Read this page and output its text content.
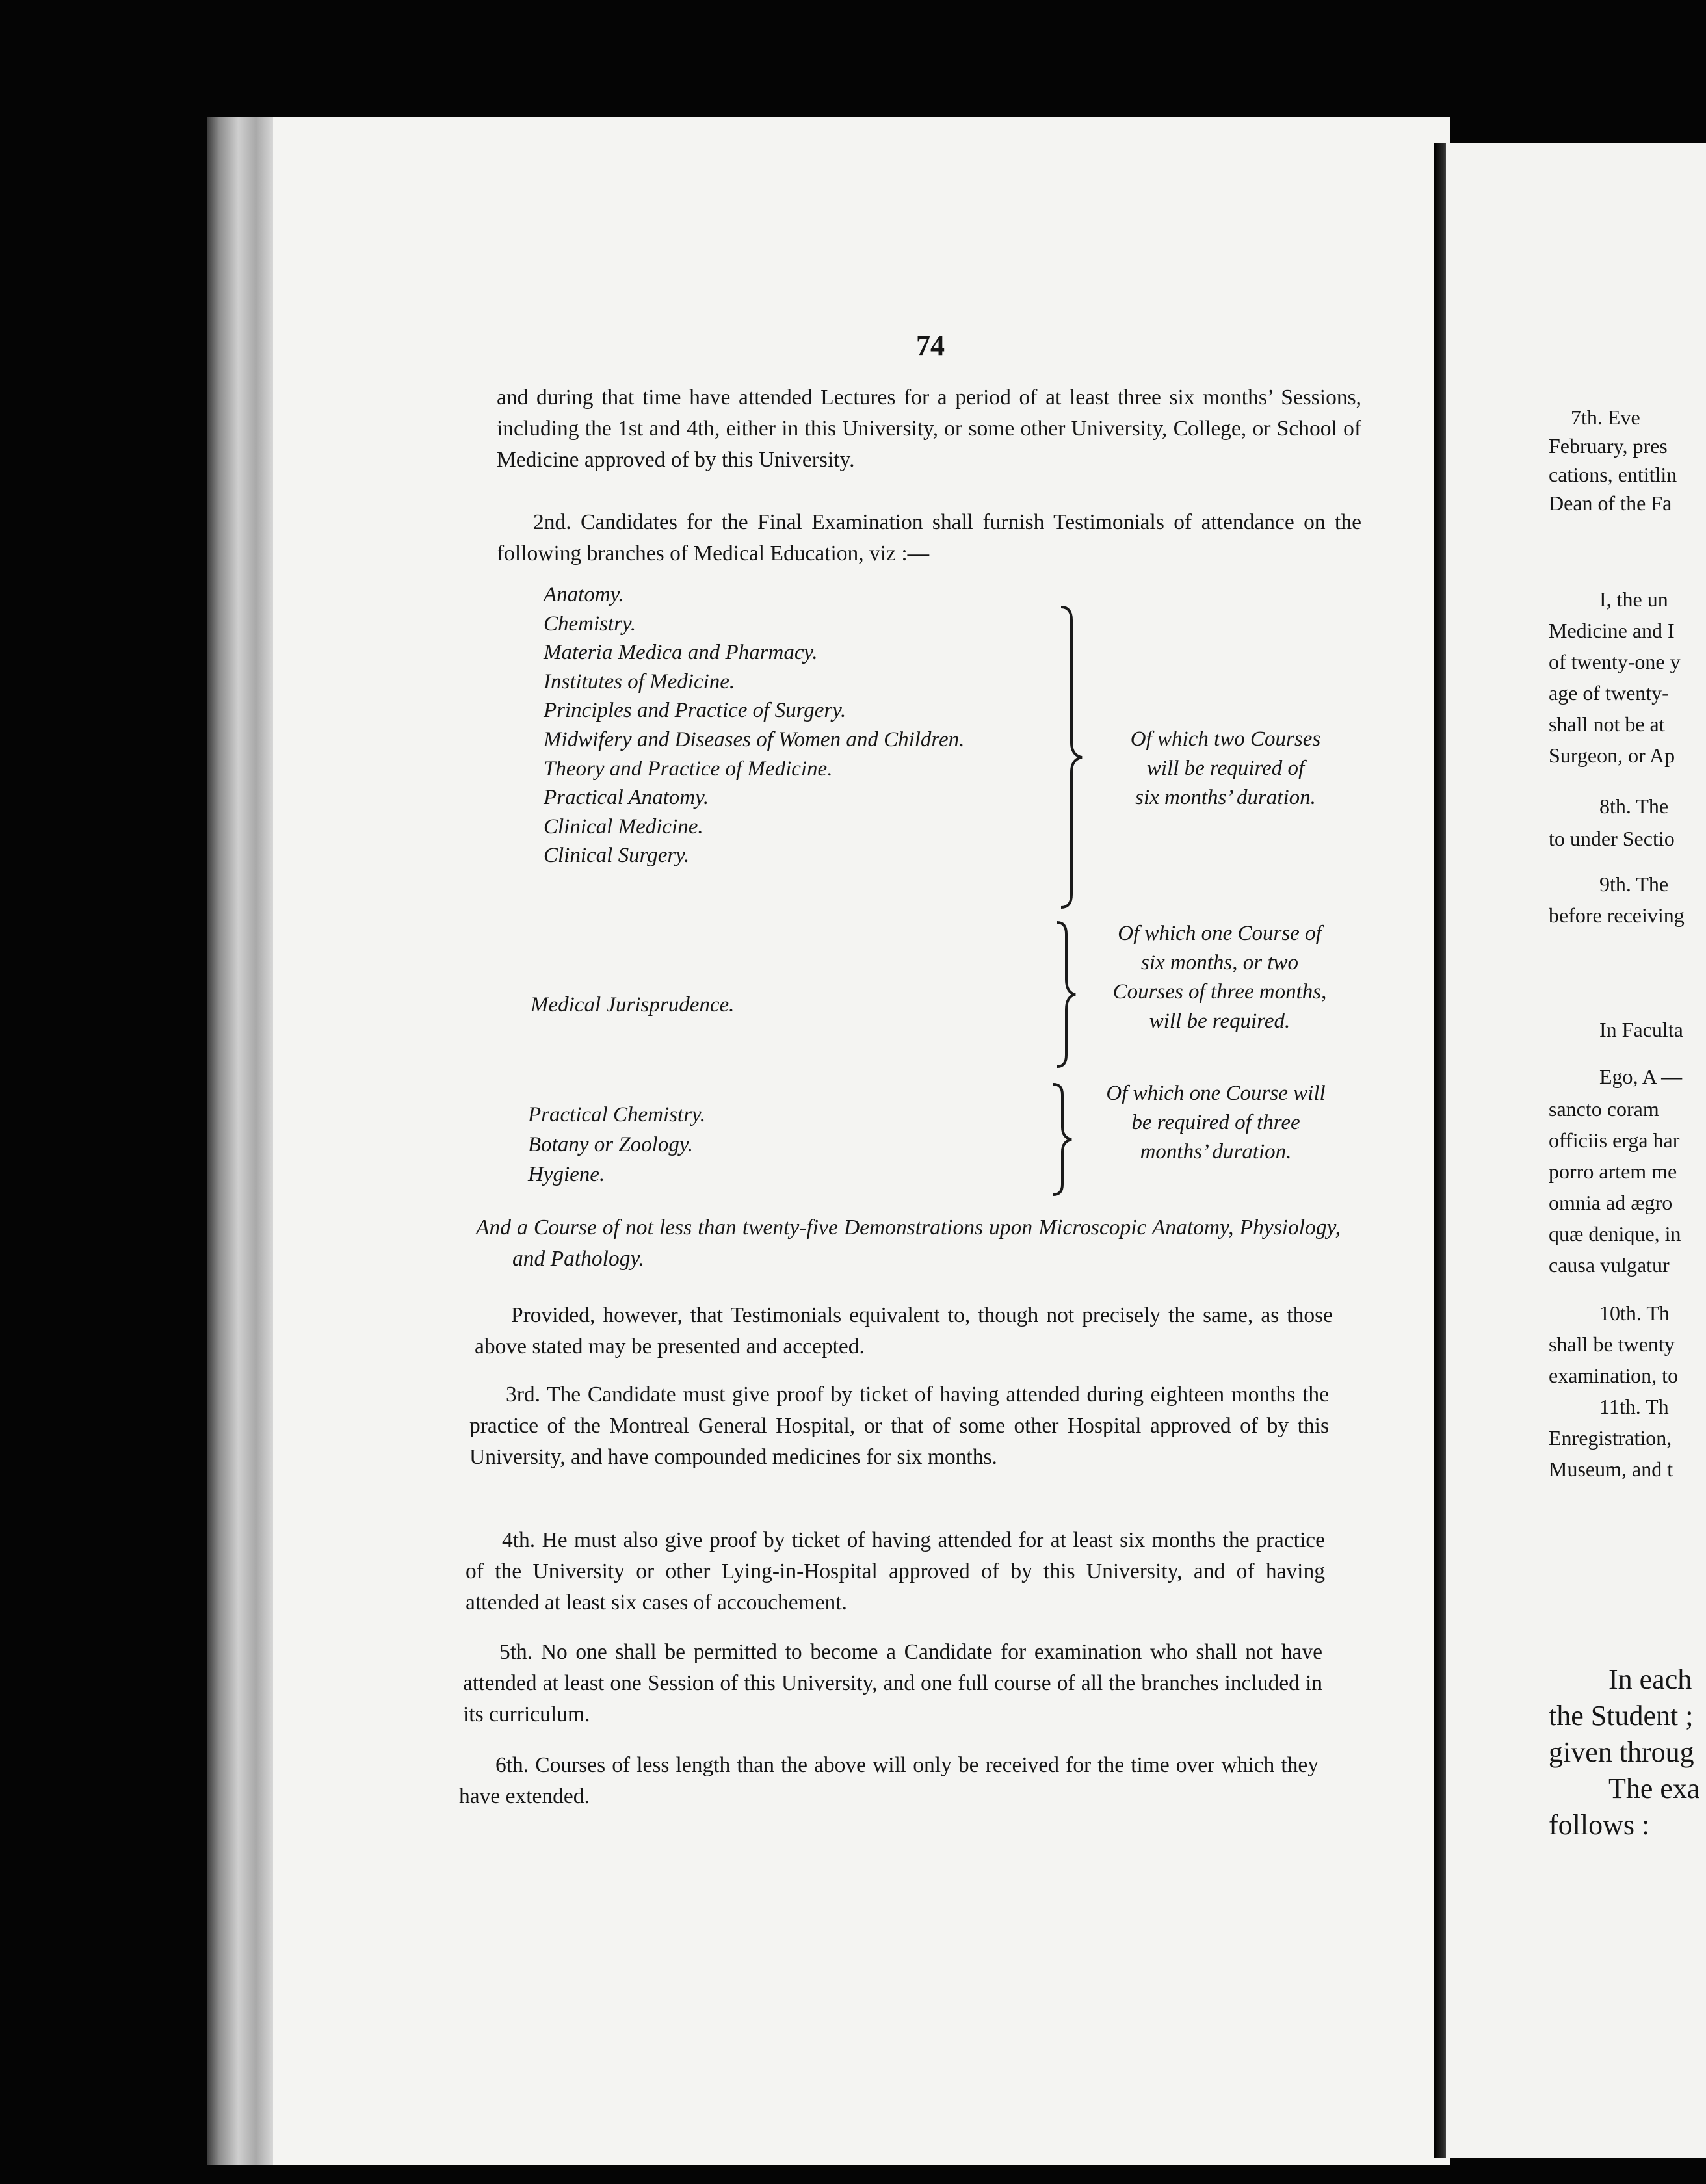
74
and during that time have attended Lectures for a period of at least three six months’ Sessions, including the 1st and 4th, either in this University, or some other University, College, or School of Medicine approved of by this University.
2nd. Candidates for the Final Examination shall furnish Testimonials of attendance on the following branches of Medical Education, viz :—
Anatomy.
Chemistry.
Materia Medica and Pharmacy.
Institutes of Medicine.
Principles and Practice of Surgery.
Midwifery and Diseases of Women and Children.
Theory and Practice of Medicine.
Practical Anatomy.
Clinical Medicine.
Clinical Surgery.
Of which two Courses
will be required of
six months’ duration.
Medical Jurisprudence.
Of which one Course of
six months, or two
Courses of three months,
will be required.
Practical Chemistry.
Botany or Zoology.
Hygiene.
Of which one Course will
be required of three
months’ duration.
And a Course of not less than twenty-five Demonstrations upon Microscopic Anatomy, Physiology, and Pathology.
Provided, however, that Testimonials equivalent to, though not precisely the same, as those above stated may be presented and accepted.
3rd. The Candidate must give proof by ticket of having attended during eighteen months the practice of the Montreal General Hospital, or that of some other Hospital approved of by this University, and have compounded medicines for six months.
4th. He must also give proof by ticket of having attended for at least six months the practice of the University or other Lying-in-Hospital approved of by this University, and of having attended at least six cases of accouchement.
5th. No one shall be permitted to become a Candidate for examination who shall not have attended at least one Session of this University, and one full course of all the branches included in its curriculum.
6th. Courses of less length than the above will only be received for the time over which they have extended.
7th. Eve
February, pres
cations, entitlin
Dean of the Fa
I, the un
Medicine and I
of twenty-one y
age of twenty-
shall not be at
Surgeon, or Ap
8th. The
to under Sectio
9th. The
before receiving
In Faculta
Ego, A —
sancto coram
officiis erga har
porro artem me
omnia ad ægro
quæ denique, in
causa vulgatur
10th. Th
shall be twenty
examination, to
11th. Th
Enregistration,
Museum, and t
In each
the Student ;
given throug
The exa
follows :
